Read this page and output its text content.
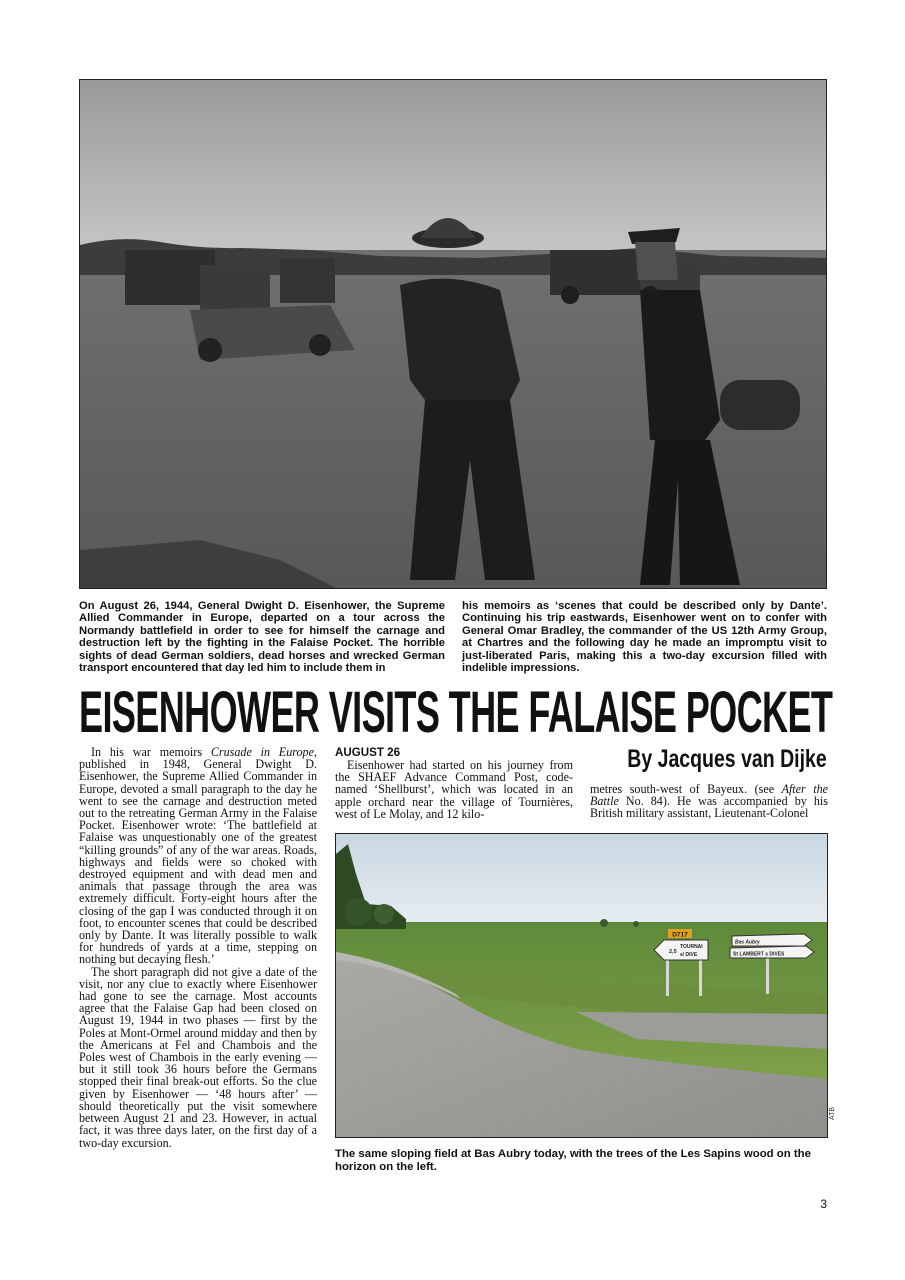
On August 26, 1944, General Dwight D. Eisenhower, the Supreme Allied Commander in Europe, departed on a tour across the Normandy battlefield in order to see for himself the carnage and destruction left by the fighting in the Falaise Pocket. The horrible sights of dead German soldiers, dead horses and wrecked German transport encountered that day led him to include them in
his memoirs as ‘scenes that could be described only by Dante’. Continuing his trip eastwards, Eisenhower went on to confer with General Omar Bradley, the commander of the US 12th Army Group, at Chartres and the following day he made an impromptu visit to just-liberated Paris, making this a two-day excursion filled with indelible impressions.
EISENHOWER VISITS THE FALAISE POCKET
By Jacques van Dijke

In his war memoirs Crusade in Europe, published in 1948, General Dwight D. Eisenhower, the Supreme Allied Commander in Europe, devoted a small paragraph to the day he went to see the carnage and destruction meted out to the retreating German Army in the Falaise Pocket. Eisenhower wrote: ‘The battlefield at Falaise was unquestionably one of the greatest “killing grounds” of any of the war areas. Roads, highways and fields were so choked with destroyed equipment and with dead men and animals that passage through the area was extremely difficult. Forty-eight hours after the closing of the gap I was conducted through it on foot, to encounter scenes that could be described only by Dante. It was literally possible to walk for hundreds of yards at a time, stepping on nothing but decaying flesh.’

The short paragraph did not give a date of the visit, nor any clue to exactly where Eisenhower had gone to see the carnage. Most accounts agree that the Falaise Gap had been closed on August 19, 1944 in two phases — first by the Poles at Mont-Ormel around midday and then by the Americans at Fel and Chambois and the Poles west of Chambois in the early evening — but it still took 36 hours before the Germans stopped their final break-out efforts. So the clue given by Eisenhower — ‘48 hours after’ — should theoretically put the visit somewhere between August 21 and 23. However, in actual fact, it was three days later, on the first day of a two-day excursion.

AUGUST 26

Eisenhower had started on his journey from the SHAEF Advance Command Post, code-named ‘Shellburst’, which was located in an apple orchard near the village of Tournières, west of Le Molay, and 12 kilo-

metres south-west of Bayeux. (see After the Battle No. 84). He was accompanied by his British military assistant, Lieutenant-Colonel

D717
2,5
TOURNAI
s/ DIVE
Bas Aubry
St LAMBERT s DIVES
ATB
The same sloping field at Bas Aubry today, with the trees of the Les Sapins wood on the horizon on the left.
3
